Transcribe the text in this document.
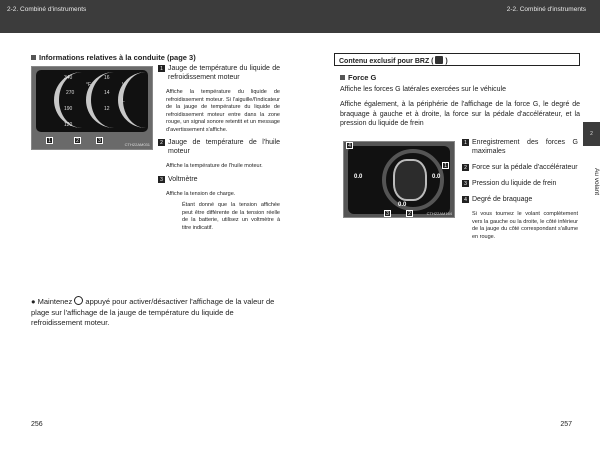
2-2. Combiné d'instruments	2-2. Combiné d'instruments
2
Au volant
Informations relatives à la conduite (page 3)
340
270
190
120
16
14
12
V
°F
L
1	2	3
CTH22AM031
1 Jauge de température du liquide de refroidissement moteur
Affiche la température du liquide de refroidissement moteur. Si l'aiguille/l'indicateur de la jauge de température du liquide de refroidissement moteur entre dans la zone rouge, un signal sonore retentit et un message d'avertissement s'affiche.
2 Jauge de température de l'huile moteur
Affiche la température de l'huile moteur.
3 Voltmètre
Affiche la tension de charge.
Étant donné que la tension affichée peut être différente de la tension réelle de la batterie, utilisez un voltmètre à titre indicatif.
● Maintenez appuyé pour activer/désactiver l'affichage de la valeur de plage sur l'affichage de la jauge de température du liquide de refroidissement moteur.
Contenu exclusif pour BRZ ( )
Force G
Affiche les forces G latérales exercées sur le véhicule
Affiche également, à la périphérie de l'affichage de la force G, le degré de braquage à gauche et à droite, la force sur la pédale d'accélérateur, et la pression du liquide de frein
0.0	0.0
0.0
4
1
3	2	CTH22AM164
1 Enregistrement des forces G maximales
2 Force sur la pédale d'accélérateur
3 Pression du liquide de frein
4 Degré de braquage
Si vous tournez le volant complètement vers la gauche ou la droite, le côté inférieur de la jauge du côté correspondant s'allume en rouge.
256	257
